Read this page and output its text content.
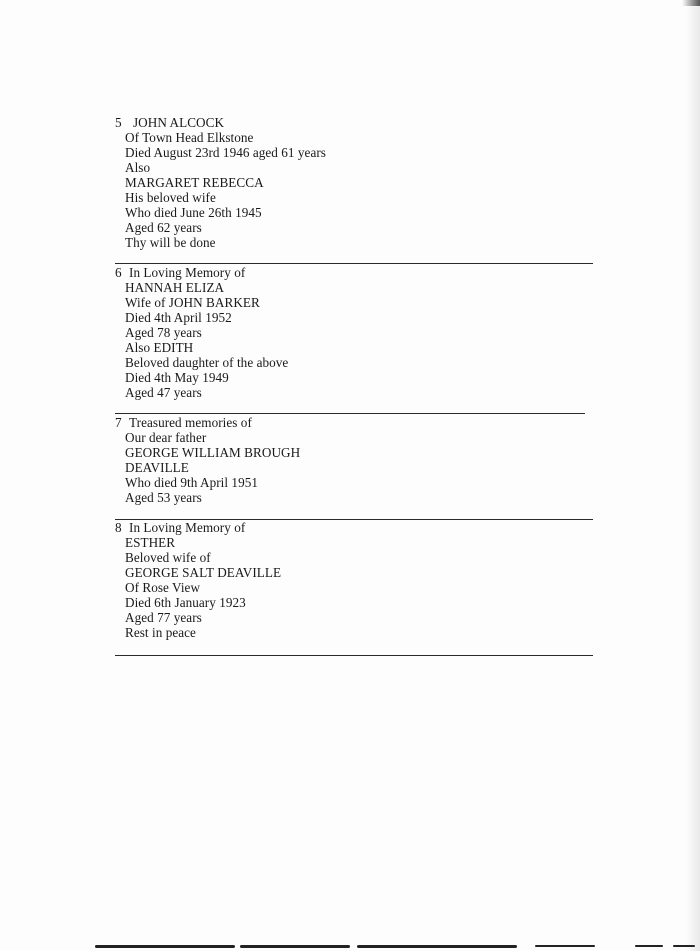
5 JOHN ALCOCK
Of Town Head Elkstone
Died August 23rd 1946 aged 61 years
Also
MARGARET REBECCA
His beloved wife
Who died June 26th 1945
Aged 62 years
Thy will be done
6 In Loving Memory of
HANNAH ELIZA
Wife of JOHN BARKER
Died 4th April 1952
Aged 78 years
Also EDITH
Beloved daughter of the above
Died 4th May 1949
Aged 47 years
7 Treasured memories of
Our dear father
GEORGE WILLIAM BROUGH
DEAVILLE
Who died 9th April 1951
Aged 53 years
8 In Loving Memory of
ESTHER
Beloved wife of
GEORGE SALT DEAVILLE
Of Rose View
Died 6th January 1923
Aged 77 years
Rest in peace
